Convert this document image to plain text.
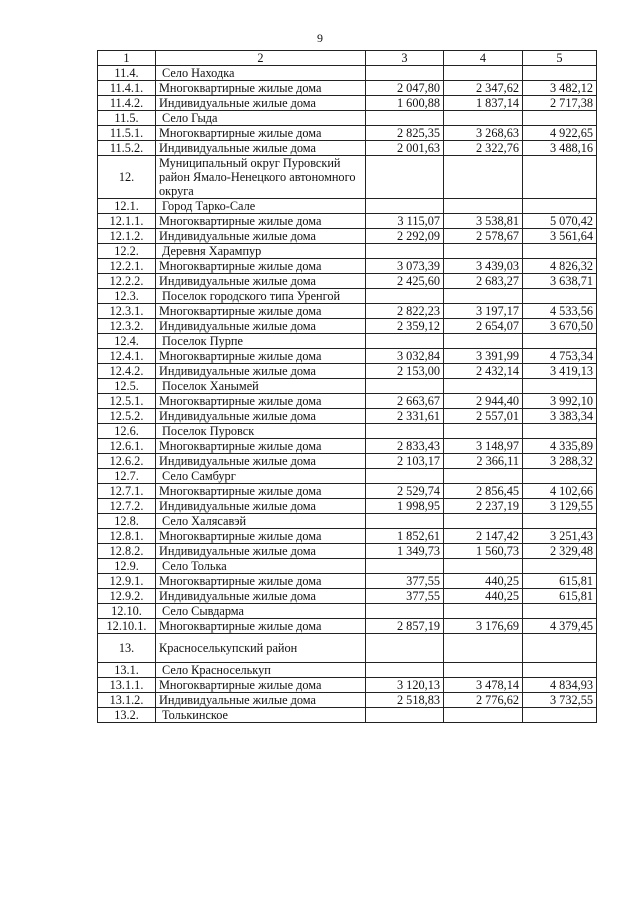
9
1	2	3	4	5
11.4.	Село Находка			
11.4.1.	Многоквартирные жилые дома	2 047,80	2 347,62	3 482,12
11.4.2.	Индивидуальные жилые дома	1 600,88	1 837,14	2 717,38
11.5.	Село Гыда			
11.5.1.	Многоквартирные жилые дома	2 825,35	3 268,63	4 922,65
11.5.2.	Индивидуальные жилые дома	2 001,63	2 322,76	3 488,16
12.	Муниципальный округ Пуровский район Ямало-Ненецкого автономного округа			
12.1.	Город Тарко-Сале			
12.1.1.	Многоквартирные жилые дома	3 115,07	3 538,81	5 070,42
12.1.2.	Индивидуальные жилые дома	2 292,09	2 578,67	3 561,64
12.2.	Деревня Харампур			
12.2.1.	Многоквартирные жилые дома	3 073,39	3 439,03	4 826,32
12.2.2.	Индивидуальные жилые дома	2 425,60	2 683,27	3 638,71
12.3.	Поселок городского типа Уренгой			
12.3.1.	Многоквартирные жилые дома	2 822,23	3 197,17	4 533,56
12.3.2.	Индивидуальные жилые дома	2 359,12	2 654,07	3 670,50
12.4.	Поселок Пурпе			
12.4.1.	Многоквартирные жилые дома	3 032,84	3 391,99	4 753,34
12.4.2.	Индивидуальные жилые дома	2 153,00	2 432,14	3 419,13
12.5.	Поселок Ханымей			
12.5.1.	Многоквартирные жилые дома	2 663,67	2 944,40	3 992,10
12.5.2.	Индивидуальные жилые дома	2 331,61	2 557,01	3 383,34
12.6.	Поселок Пуровск			
12.6.1.	Многоквартирные жилые дома	2 833,43	3 148,97	4 335,89
12.6.2.	Индивидуальные жилые дома	2 103,17	2 366,11	3 288,32
12.7.	Село Самбург			
12.7.1.	Многоквартирные жилые дома	2 529,74	2 856,45	4 102,66
12.7.2.	Индивидуальные жилые дома	1 998,95	2 237,19	3 129,55
12.8.	Село Халясавэй			
12.8.1.	Многоквартирные жилые дома	1 852,61	2 147,42	3 251,43
12.8.2.	Индивидуальные жилые дома	1 349,73	1 560,73	2 329,48
12.9.	Село Толька			
12.9.1.	Многоквартирные жилые дома	377,55	440,25	615,81
12.9.2.	Индивидуальные жилые дома	377,55	440,25	615,81
12.10.	Село Сывдарма			
12.10.1.	Многоквартирные жилые дома	2 857,19	3 176,69	4 379,45
13.	Красноселькупский район			
13.1.	Село Красноселькуп			
13.1.1.	Многоквартирные жилые дома	3 120,13	3 478,14	4 834,93
13.1.2.	Индивидуальные жилые дома	2 518,83	2 776,62	3 732,55
13.2.	Толькинское			
